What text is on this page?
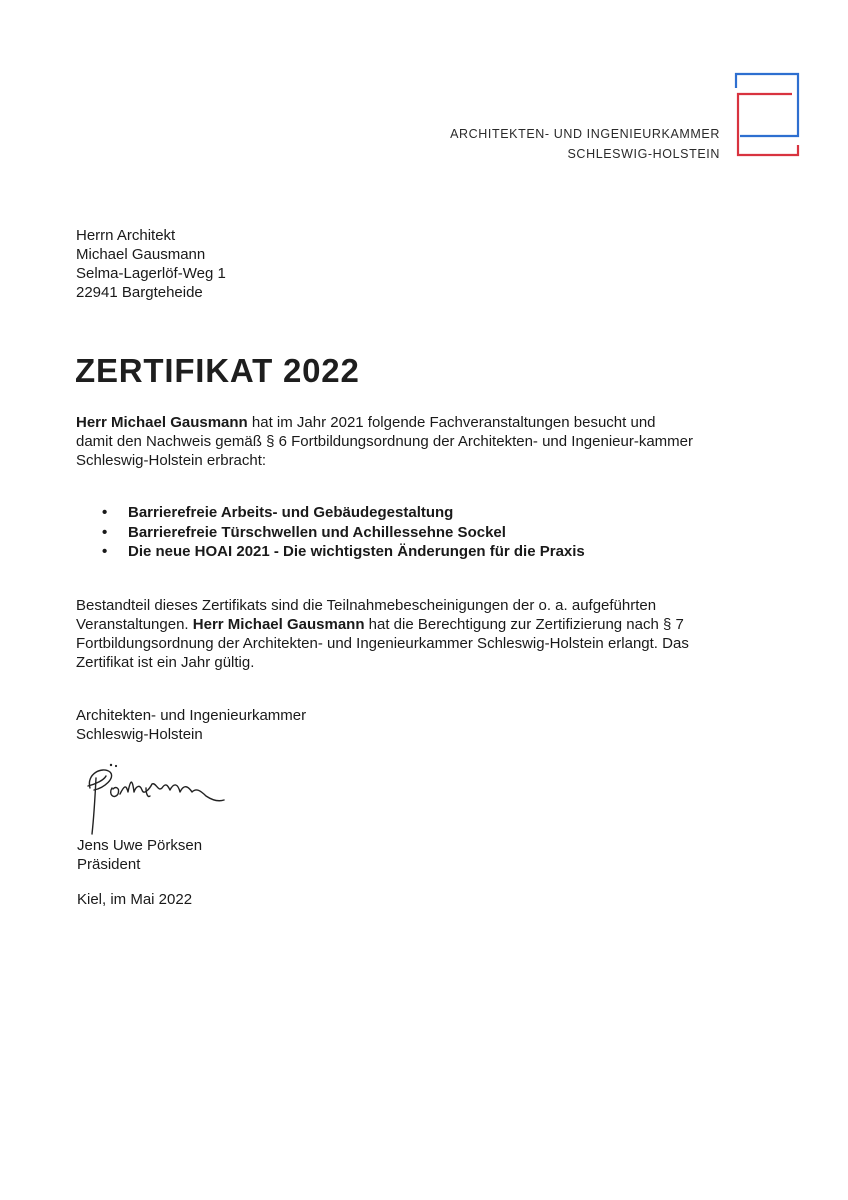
ARCHITEKTEN- UND INGENIEURKAMMER
SCHLESWIG-HOLSTEIN
Herrn Architekt
Michael Gausmann
Selma-Lagerlöf-Weg 1
22941 Bargteheide
ZERTIFIKAT 2022
Herr Michael Gausmann hat im Jahr 2021 folgende Fachveranstaltungen besucht und damit den Nachweis gemäß § 6 Fortbildungsordnung der Architekten- und Ingenieur-kammer Schleswig-Holstein erbracht:
• Barrierefreie Arbeits- und Gebäudegestaltung
• Barrierefreie Türschwellen und Achillessehne Sockel
• Die neue HOAI 2021 - Die wichtigsten Änderungen für die Praxis
Bestandteil dieses Zertifikats sind die Teilnahmebescheinigungen der o. a. aufgeführten Veranstaltungen. Herr Michael Gausmann hat die Berechtigung zur Zertifizierung nach § 7 Fortbildungsordnung der Architekten- und Ingenieurkammer Schleswig-Holstein erlangt. Das Zertifikat ist ein Jahr gültig.
Architekten- und Ingenieurkammer
Schleswig-Holstein
Jens Uwe Pörksen
Präsident
Kiel, im Mai 2022
